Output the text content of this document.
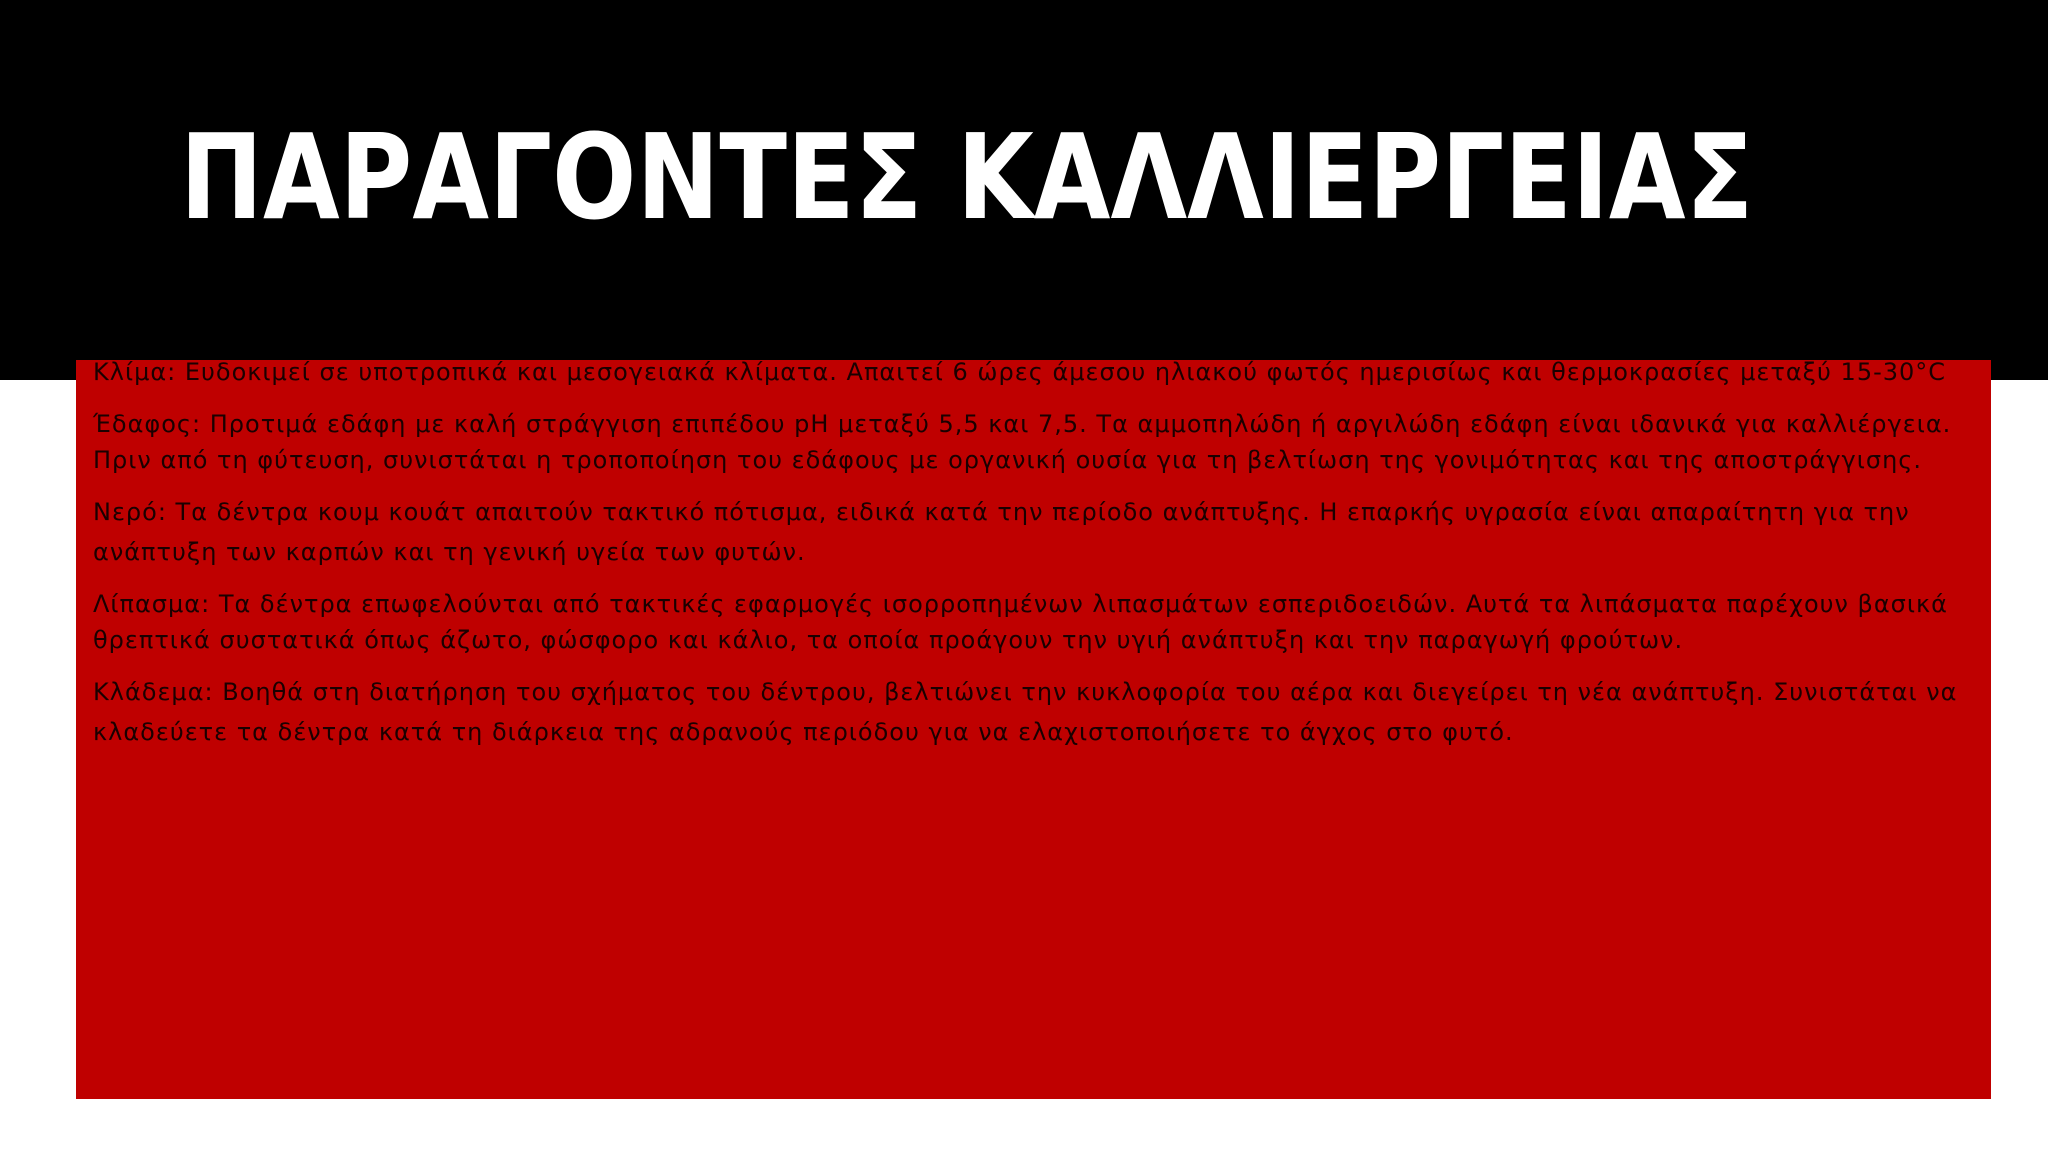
ΠΑΡΑΓΟΝΤΕΣ ΚΑΛΛΙΕΡΓΕΙΑΣ

Κλίμα: Ευδοκιμεί σε υποτροπικά και μεσογειακά κλίματα. Απαιτεί 6 ώρες άμεσου ηλιακού φωτός ημερισίως και θερμοκρασίες μεταξύ 15-30°C

Έδαφος: Προτιμά εδάφη με καλή στράγγιση επιπέδου pH μεταξύ 5,5 και 7,5. Τα αμμοπηλώδη ή αργιλώδη εδάφη είναι ιδανικά για καλλιέργεια. Πριν από τη φύτευση, συνιστάται η τροποποίηση του εδάφους με οργανική ουσία για τη βελτίωση της γονιμότητας και της αποστράγγισης.

Νερό: Τα δέντρα κουμ κουάτ απαιτούν τακτικό πότισμα, ειδικά κατά την περίοδο ανάπτυξης. Η επαρκής υγρασία είναι απαραίτητη για την ανάπτυξη των καρπών και τη γενική υγεία των φυτών.

Λίπασμα: Τα δέντρα επωφελούνται από τακτικές εφαρμογές ισορροπημένων λιπασμάτων εσπεριδοειδών. Αυτά τα λιπάσματα παρέχουν βασικά θρεπτικά συστατικά όπως άζωτο, φώσφορο και κάλιο, τα οποία προάγουν την υγιή ανάπτυξη και την παραγωγή φρούτων.

Κλάδεμα: Βοηθά στη διατήρηση του σχήματος του δέντρου, βελτιώνει την κυκλοφορία του αέρα και διεγείρει τη νέα ανάπτυξη. Συνιστάται να κλαδεύετε τα δέντρα κατά τη διάρκεια της αδρανούς περιόδου για να ελαχιστοποιήσετε το άγχος στο φυτό.
